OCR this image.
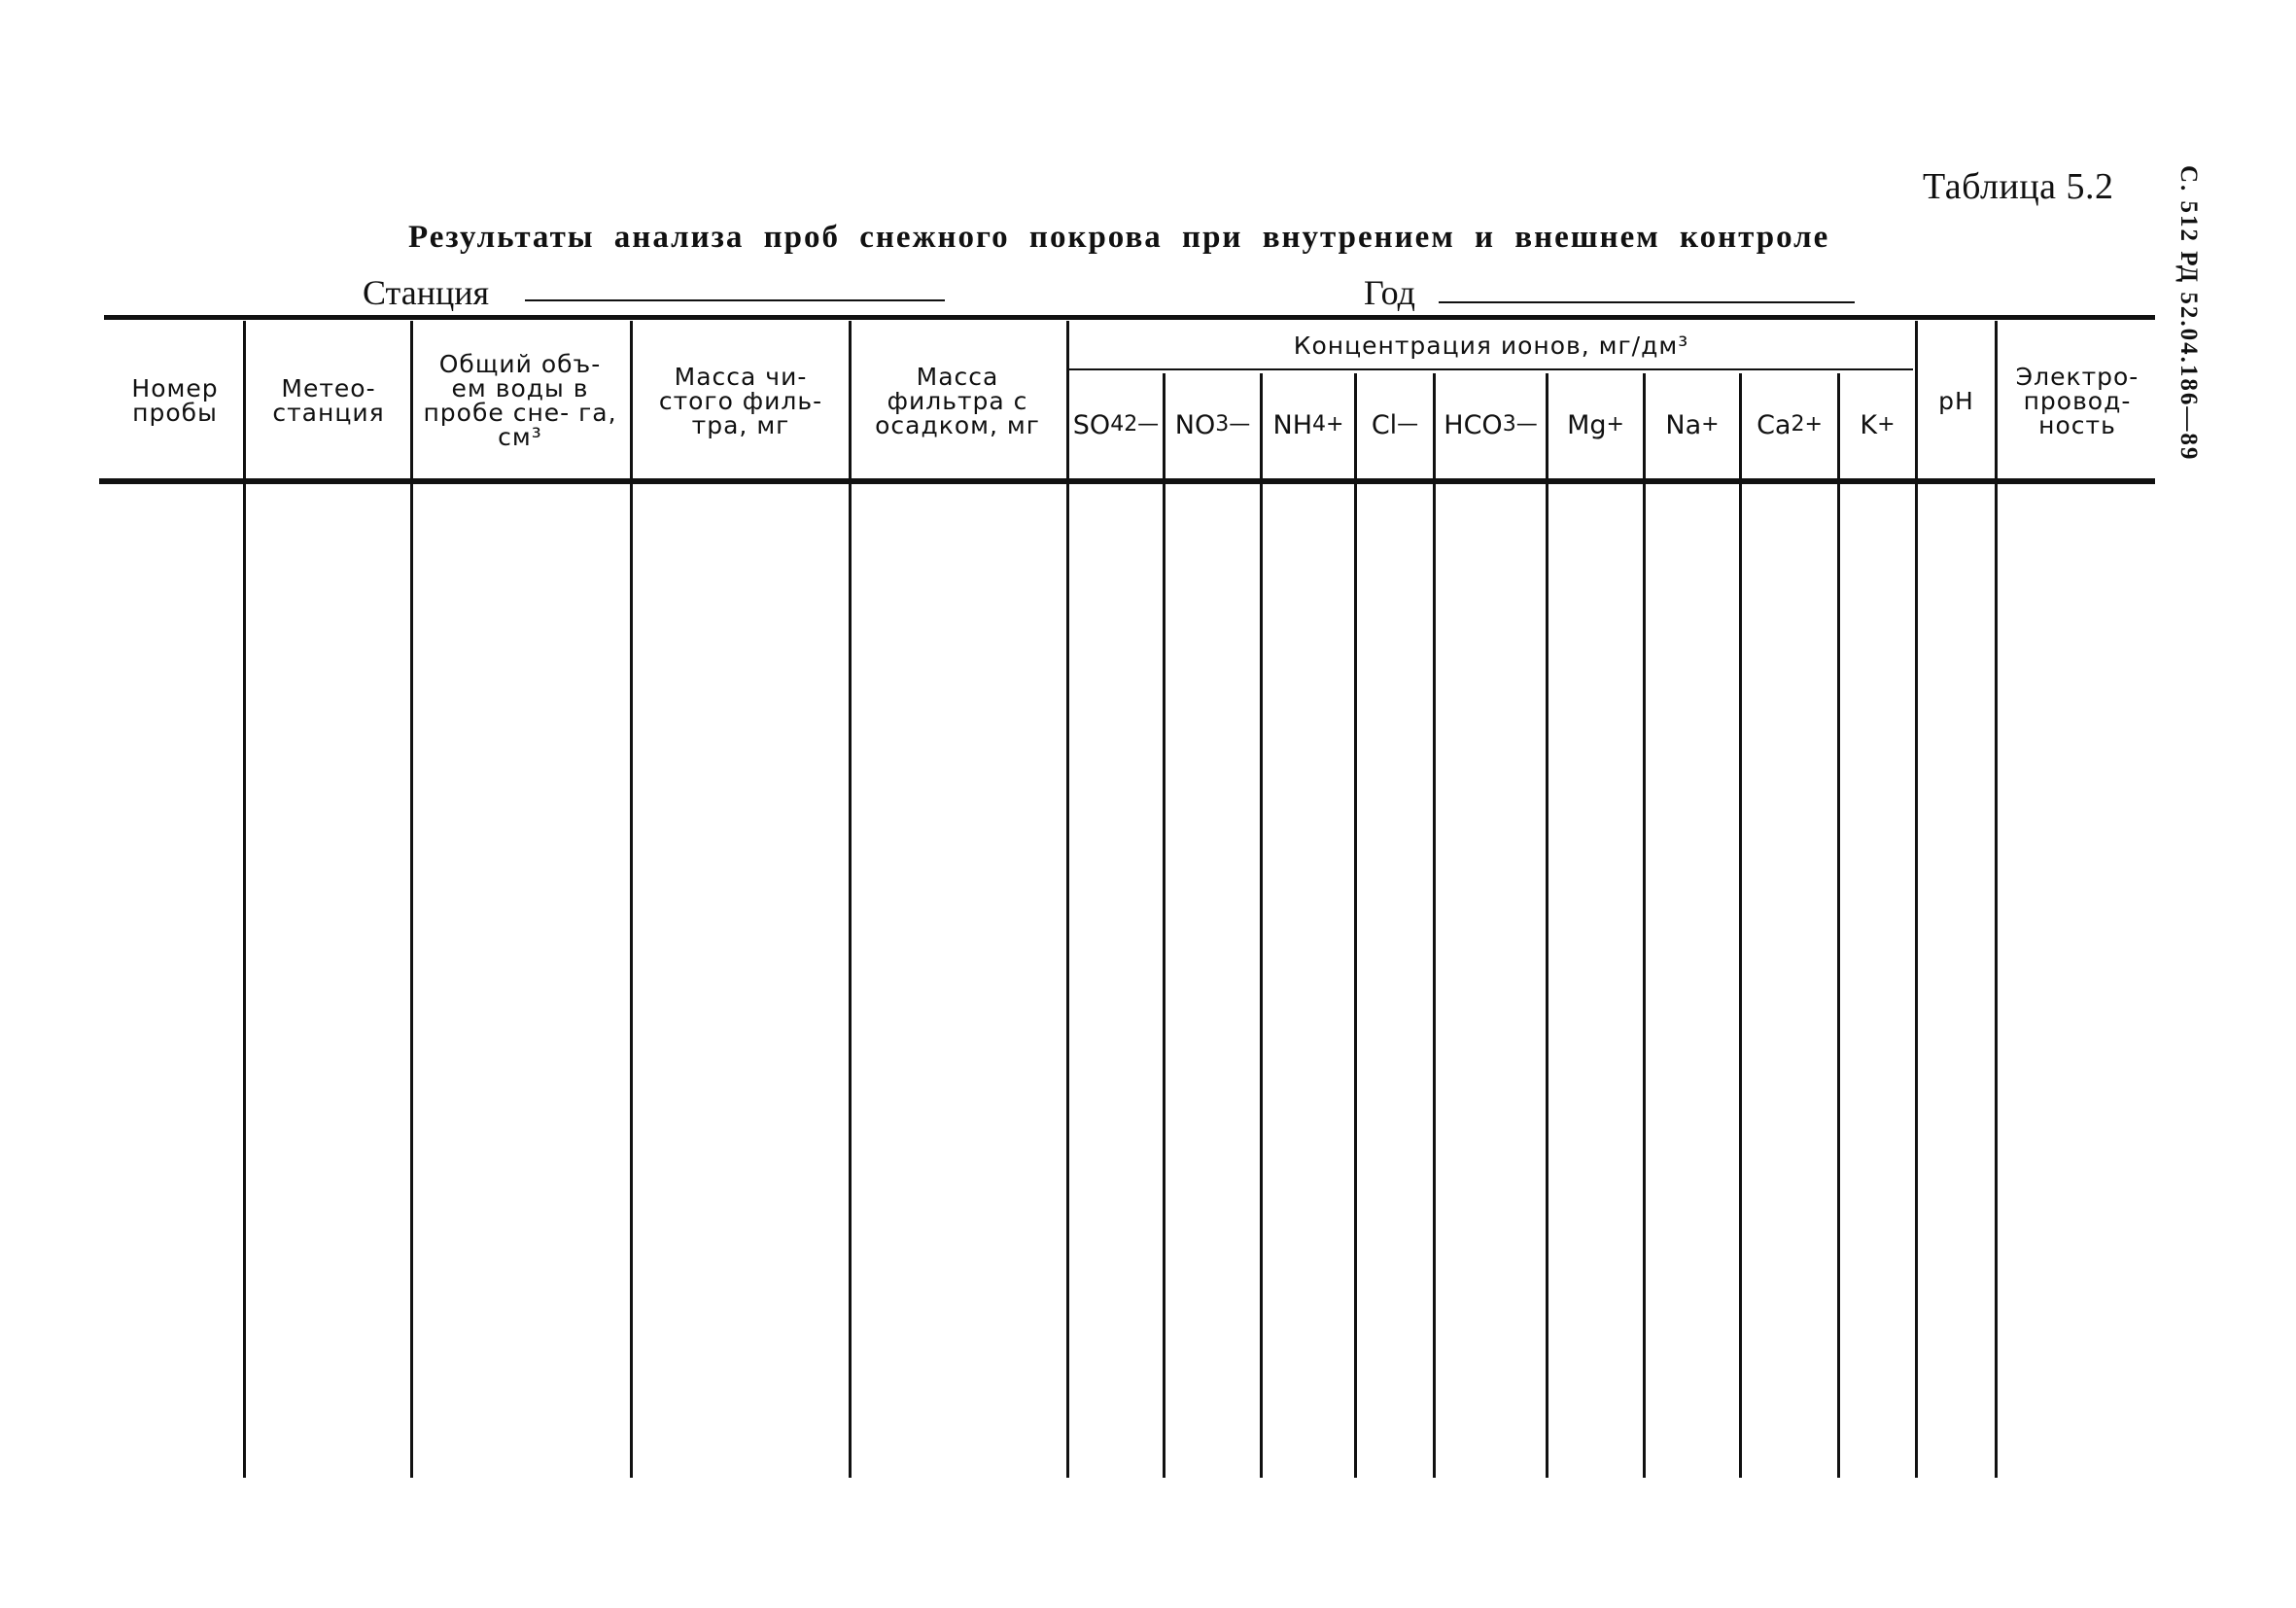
Таблица 5.2	С. 512 РД 52.04.186—89
Результаты анализа проб снежного покрова при внутрением и внешнем контроле
Станция	Год
Номер пробы
Метео- станция
Общий объ- ем воды в пробе сне- га, см³
Масса чи- стого филь- тра, мг
Масса фильтра с осадком, мг
Концентрация ионов, мг/дм³
pH
Электро- провод- ность
SO 4 2— NO 3 — NH 4 + Cl — HCO 3 — Mg + Na + Ca 2+ K +
